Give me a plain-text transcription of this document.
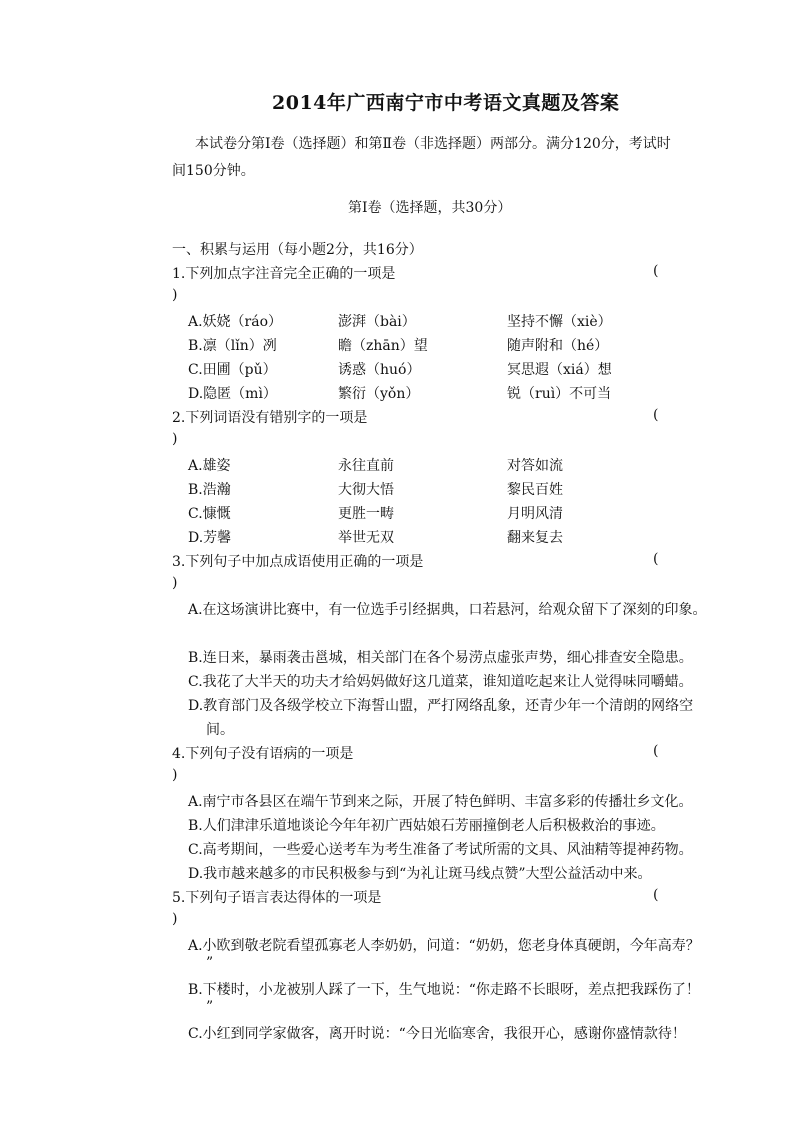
2014年广西南宁市中考语文真题及答案
本试卷分第Ⅰ卷（选择题）和第Ⅱ卷（非选择题）两部分。满分120分，考试时
间150分钟。
第Ⅰ卷（选择题，共30分）
一、积累与运用（每小题2分，共16分）
1.下列加点字注音完全正确的一项是	(
)
A.妖娆（ráo）	澎湃（bài）	坚持不懈（xiè）
B.凛（lǐn）冽	瞻（zhān）望	随声附和（hé）
C.田圃（pǔ）	诱惑（huó）	冥思遐（xiá）想
D.隐匿（mì）	繁衍（yǒn）	锐（ruì）不可当
2.下列词语没有错别字的一项是	(
)
A.雄姿	永往直前	对答如流
B.浩瀚	大彻大悟	黎民百姓
C.慷慨	更胜一畴	月明风清
D.芳馨	举世无双	翻来复去
3.下列句子中加点成语使用正确的一项是	(
)
A.在这场演讲比赛中，有一位选手引经据典，口若悬河，给观众留下了深刻的印象。
B.连日来，暴雨袭击邕城，相关部门在各个易涝点虚张声势，细心排查安全隐患。
C.我花了大半天的功夫才给妈妈做好这几道菜，谁知道吃起来让人觉得味同嚼蜡。
D.教育部门及各级学校立下海誓山盟，严打网络乱象，还青少年一个清朗的网络空
间。
4.下列句子没有语病的一项是	(
)
A.南宁市各县区在端午节到来之际，开展了特色鲜明、丰富多彩的传播壮乡文化。
B.人们津津乐道地谈论今年年初广西姑娘石芳丽撞倒老人后积极救治的事迹。
C.高考期间，一些爱心送考车为考生准备了考试所需的文具、风油精等提神药物。
D.我市越来越多的市民积极参与到“为礼让斑马线点赞”大型公益活动中来。
5.下列句子语言表达得体的一项是	(
)
A.小欧到敬老院看望孤寡老人李奶奶，问道：“奶奶，您老身体真硬朗，今年高寿？
”
B.下楼时，小龙被别人踩了一下，生气地说：“你走路不长眼呀，差点把我踩伤了！
”
C.小红到同学家做客，离开时说：“今日光临寒舍，我很开心，感谢你盛情款待！
